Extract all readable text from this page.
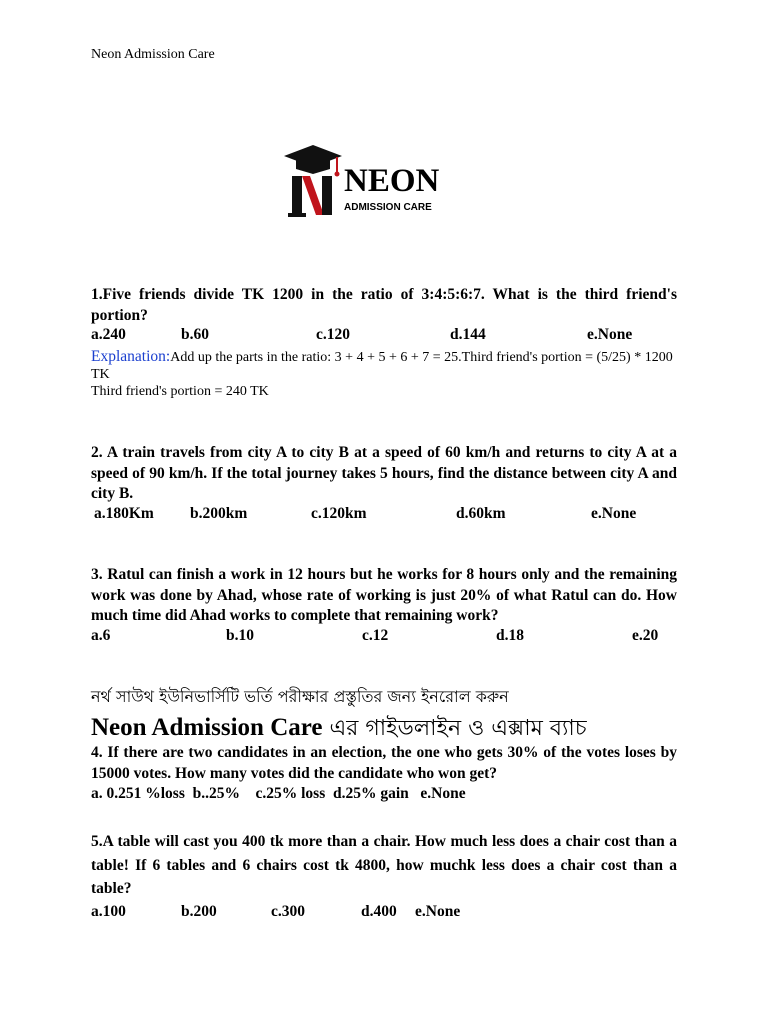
Neon Admission Care
NEON
ADMISSION CARE
1.Five friends divide TK 1200 in the ratio of 3:4:5:6:7. What is the third friend's portion?
a.240	b.60	c.120	d.144	e.None
Explanation:Add up the parts in the ratio: 3 + 4 + 5 + 6 + 7 = 25.Third friend's portion = (5/25) * 1200 TK
Third friend's portion = 240 TK
2. A train travels from city A to city B at a speed of 60 km/h and returns to city A at a speed of 90 km/h. If the total journey takes 5 hours, find the distance between city A and city B.
a.180Km b.200km	c.120km	d.60km	e.None
3. Ratul can finish a work in 12 hours but he works for 8 hours only and the remaining work was done by Ahad, whose rate of working is just 20% of what Ratul can do. How much time did Ahad works to complete that remaining work?
a.6	b.10	c.12	d.18	e.20
নর্থ সাউথ ইউনিভার্সিটি ভর্তি পরীক্ষার প্রস্তুতির জন্য ইনরোল করুন
Neon Admission Care এর গাইডলাইন ও এক্সাম ব্যাচ
4. If there are two candidates in an election, the one who gets 30% of the votes loses by 15000 votes. How many votes did the candidate who won get?
a. 0.251 %loss  b..25%    c.25% loss  d.25% gain   e.None
5.A table will cast you 400 tk more than a chair. How much less does a chair cost than a table! If 6 tables and 6 chairs cost tk 4800, how muchk less does a chair cost than a table?
a.100	b.200	c.300	d.400 e.None
